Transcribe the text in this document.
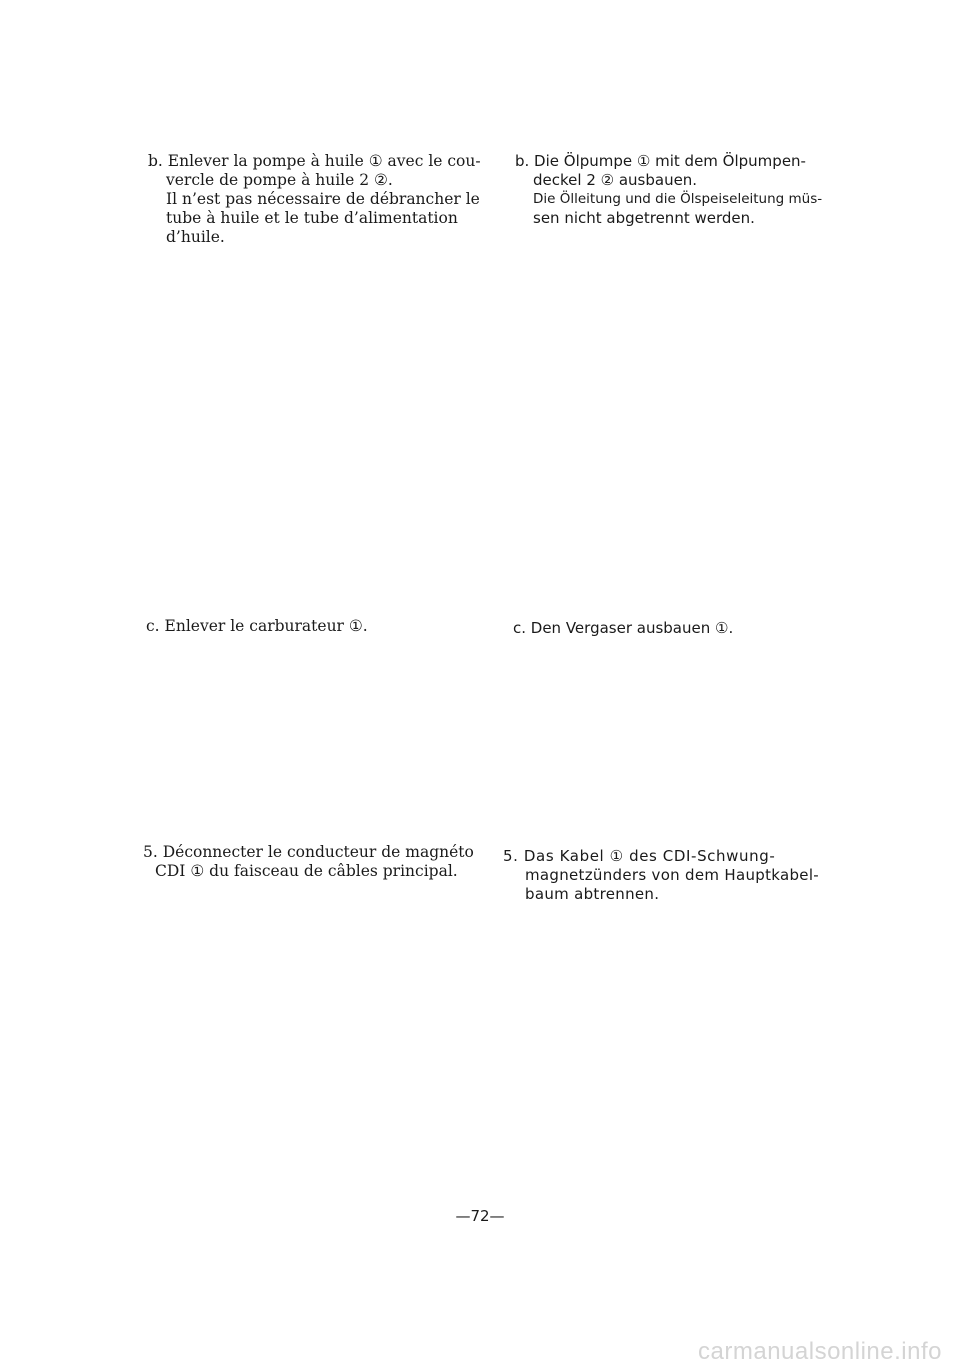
b. Enlever la pompe à huile ① avec le cou-
vercle de pompe à huile 2 ②.
Il n’est pas nécessaire de débrancher le
tube à huile et le tube d’alimentation
d’huile.
c. Enlever le carburateur ①.
5. Déconnecter le conducteur de magnéto
CDI ① du faisceau de câbles principal.
b. Die Ölpumpe ① mit dem Ölpumpen-
deckel 2 ② ausbauen.
Die Ölleitung und die Ölspeiseleitung müs-
sen nicht abgetrennt werden.
c. Den Vergaser ausbauen ①.
5. Das Kabel ① des CDI-Schwung-
magnetzünders von dem Hauptkabel-
baum abtrennen.
—72—
carmanualsonline.info
